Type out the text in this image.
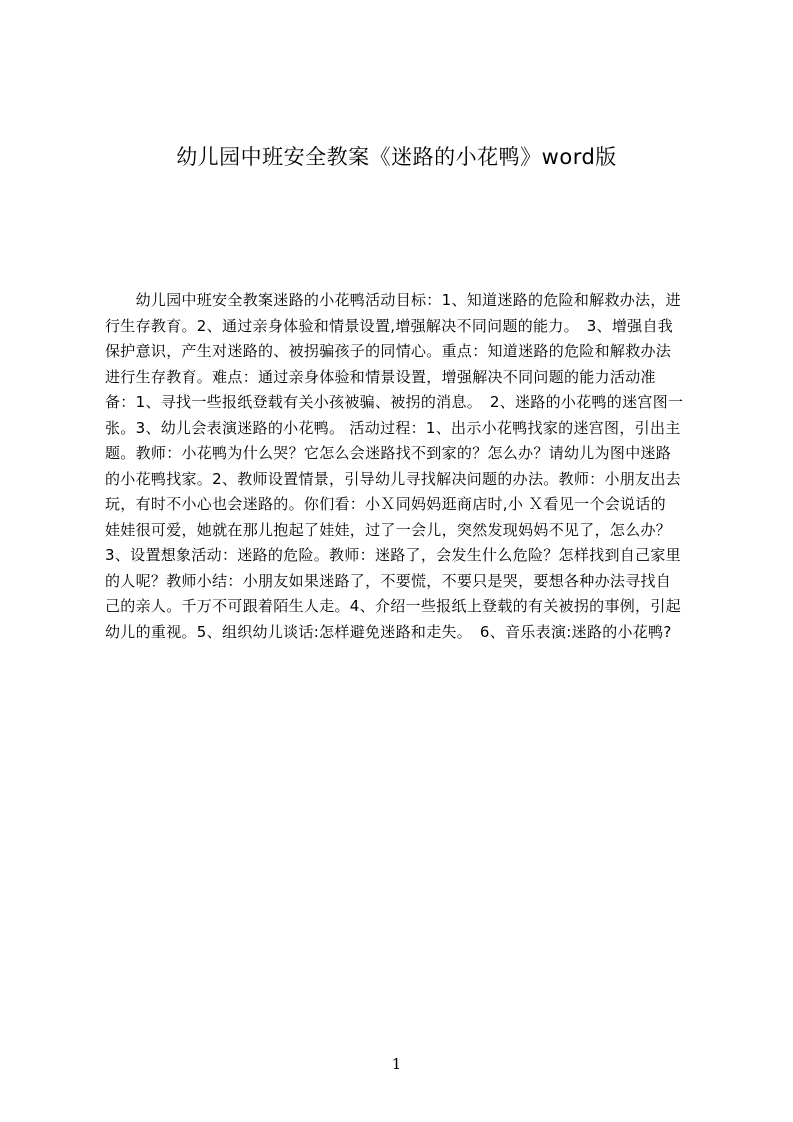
幼儿园中班安全教案《迷路的小花鸭》word版
　　幼儿园中班安全教案迷路的小花鸭活动目标：1、知道迷路的危险和解救办法，进
行生存教育。2、通过亲身体验和情景设置,增强解决不同问题的能力。　3、增强自我
保护意识，产生对迷路的、被拐骗孩子的同情心。重点：知道迷路的危险和解救办法
进行生存教育。难点：通过亲身体验和情景设置，增强解决不同问题的能力活动准
备：1、寻找一些报纸登载有关小孩被骗、被拐的消息。　2、迷路的小花鸭的迷宫图一
张。3、幼儿会表演迷路的小花鸭。 活动过程：1、出示小花鸭找家的迷宫图，引出主
题。教师：小花鸭为什么哭？它怎么会迷路找不到家的？怎么办？请幼儿为图中迷路
的小花鸭找家。2、教师设置情景，引导幼儿寻找解决问题的办法。教师：小朋友出去
玩，有时不小心也会迷路的。你们看：小Ｘ同妈妈逛商店时,小 Ｘ看见一个会说话的
娃娃很可爱，她就在那儿抱起了娃娃，过了一会儿，突然发现妈妈不见了，怎么办？
3、设置想象活动：迷路的危险。教师：迷路了，会发生什么危险？怎样找到自己家里
的人呢？教师小结：小朋友如果迷路了，不要慌，不要只是哭，要想各种办法寻找自
己的亲人。千万不可跟着陌生人走。4、介绍一些报纸上登载的有关被拐的事例，引起
幼儿的重视。5、组织幼儿谈话:怎样避免迷路和走失。　6、音乐表演:迷路的小花鸭?
1
